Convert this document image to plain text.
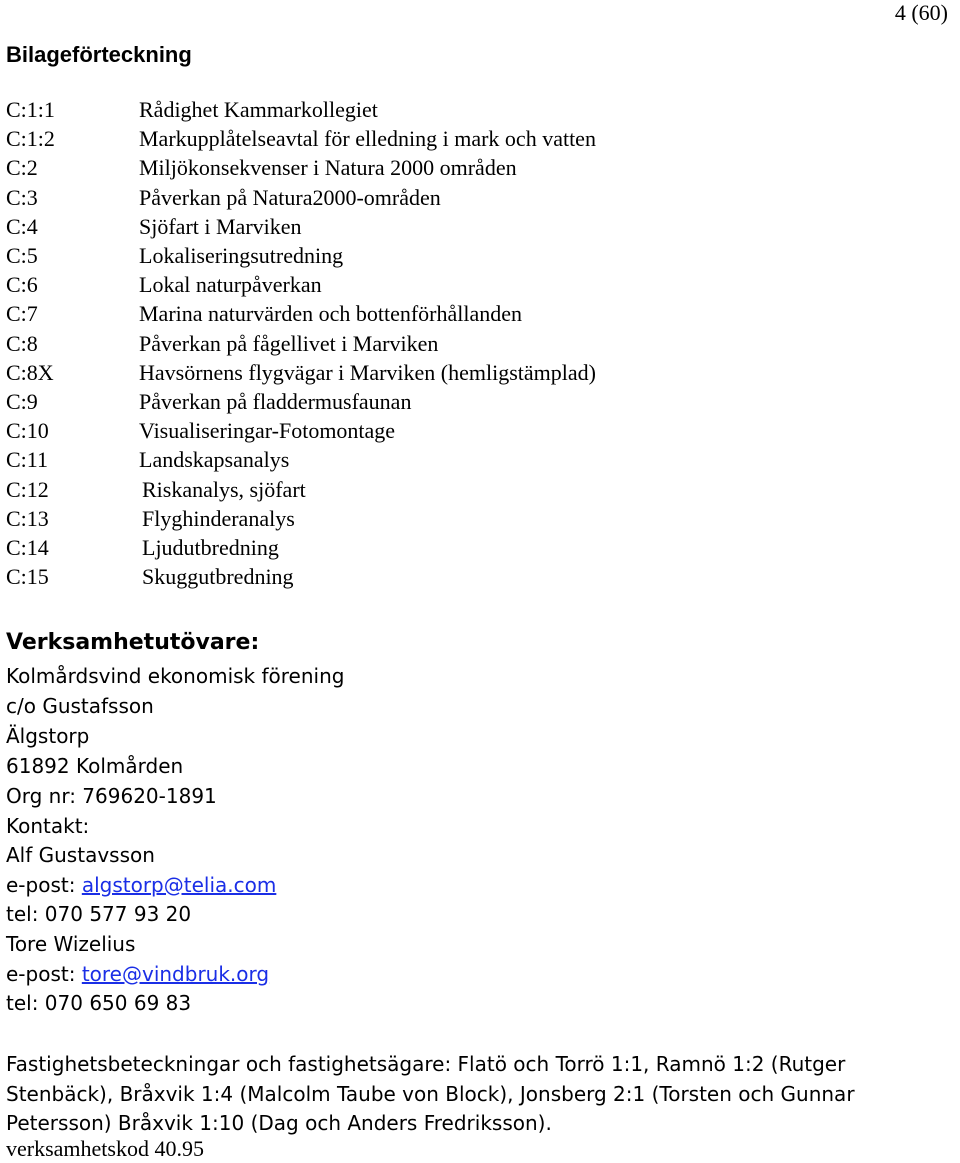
4 (60)
Bilageförteckning
C:1:1	Rådighet Kammarkollegiet
C:1:2	Markupplåtelseavtal för elledning i mark och vatten
C:2	Miljökonsekvenser i Natura 2000 områden
C:3	Påverkan på Natura2000-områden
C:4	Sjöfart i Marviken
C:5	Lokaliseringsutredning
C:6	Lokal naturpåverkan
C:7	Marina naturvärden och bottenförhållanden
C:8	Påverkan på fågellivet i Marviken
C:8X	Havsörnens flygvägar i Marviken (hemligstämplad)
C:9	Påverkan på fladdermusfaunan
C:10	Visualiseringar-Fotomontage
C:11	Landskapsanalys
C:12	Riskanalys, sjöfart
C:13	Flyghinderanalys
C:14	Ljudutbredning
C:15	Skuggutbredning
Verksamhetutövare:
Kolmårdsvind ekonomisk förening
c/o Gustafsson
Älgstorp
61892 Kolmården
Org nr: 769620-1891
Kontakt:
Alf Gustavsson
e-post: algstorp@telia.com
tel: 070 577 93 20
Tore Wizelius
e-post: tore@vindbruk.org
tel: 070 650 69 83
Fastighetsbeteckningar och fastighetsägare: Flatö och Torrö 1:1, Ramnö 1:2 (Rutger Stenbäck), Bråxvik 1:4 (Malcolm Taube von Block), Jonsberg 2:1 (Torsten och Gunnar Petersson) Bråxvik 1:10 (Dag och Anders Fredriksson).
verksamhetskod 40.95
